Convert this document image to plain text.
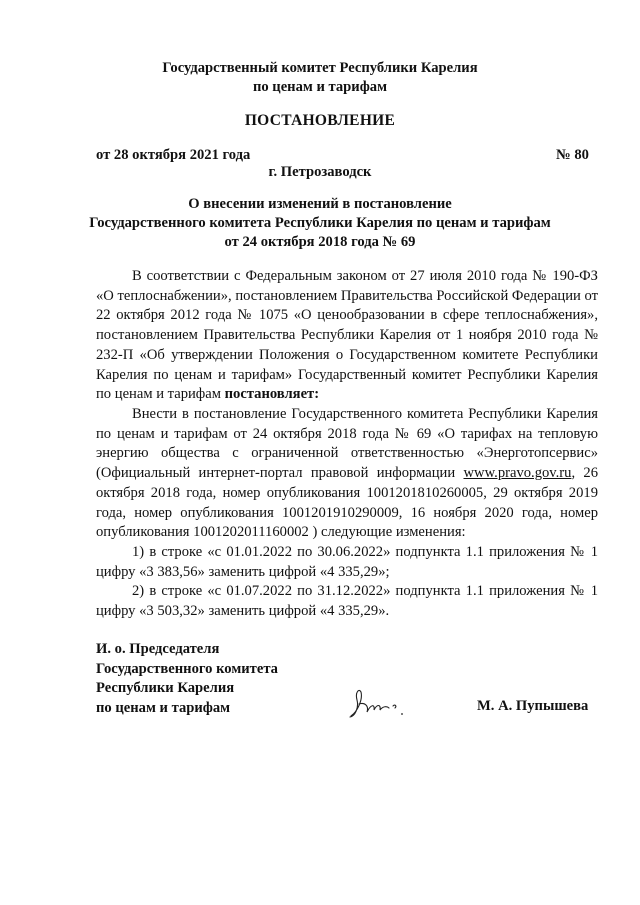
Государственный комитет Республики Карелия
по ценам и тарифам
ПОСТАНОВЛЕНИЕ
от 28 октября 2021 года	№ 80
г. Петрозаводск
О внесении изменений в постановление
Государственного комитета Республики Карелия по ценам и тарифам
от 24 октября 2018 года № 69
В соответствии с Федеральным законом от 27 июля 2010 года № 190-ФЗ «О теплоснабжении», постановлением Правительства Российской Федерации от 22 октября 2012 года № 1075 «О ценообразовании в сфере теплоснабжения», постановлением Правительства Республики Карелия от 1 ноября 2010 года № 232-П «Об утверждении Положения о Государственном комитете Республики Карелия по ценам и тарифам» Государственный комитет Республики Карелия по ценам и тарифам постановляет:
Внести в постановление Государственного комитета Республики Карелия по ценам и тарифам от 24 октября 2018 года № 69 «О тарифах на тепловую энергию общества с ограниченной ответственностью «Энерготопсервис» (Официальный интернет-портал правовой информации www.pravo.gov.ru, 26 октября 2018 года, номер опубликования 1001201810260005, 29 октября 2019 года, номер опубликования 1001201910290009, 16 ноября 2020 года, номер опубликования 1001202011160002 ) следующие изменения:
1) в строке «с 01.01.2022 по 30.06.2022» подпункта 1.1 приложения № 1 цифру «3 383,56» заменить цифрой «4 335,29»;
2) в строке «с 01.07.2022 по 31.12.2022» подпункта 1.1 приложения № 1 цифру «3 503,32» заменить цифрой «4 335,29».
И. о. Председателя
Государственного комитета
Республики Карелия
по ценам и тарифам	М. А. Пупышева
